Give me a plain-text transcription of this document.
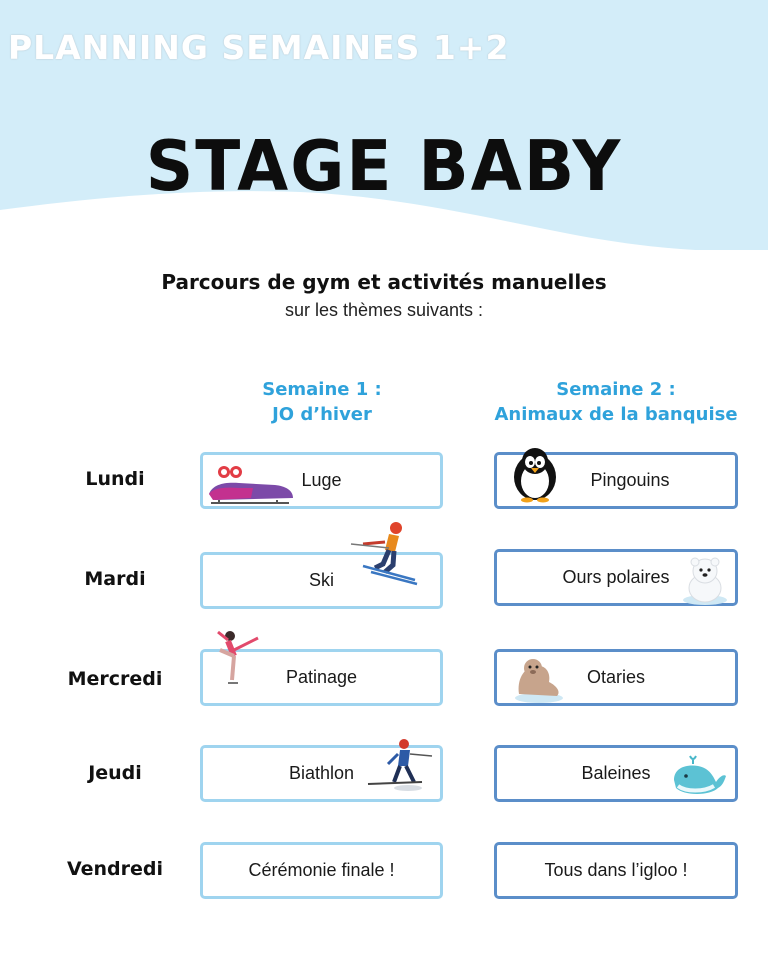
PLANNING SEMAINES 1+2
STAGE BABY
Parcours de gym et activités manuelles
sur les thèmes suivants :
Semaine 1 :
JO d’hiver
Semaine 2 :
Animaux de la banquise
Lundi
Mardi
Mercredi
Jeudi
Vendredi
Luge
Ski
Patinage
Biathlon
Cérémonie finale !
Pingouins
Ours polaires
Otaries
Baleines
Tous dans l’igloo !
